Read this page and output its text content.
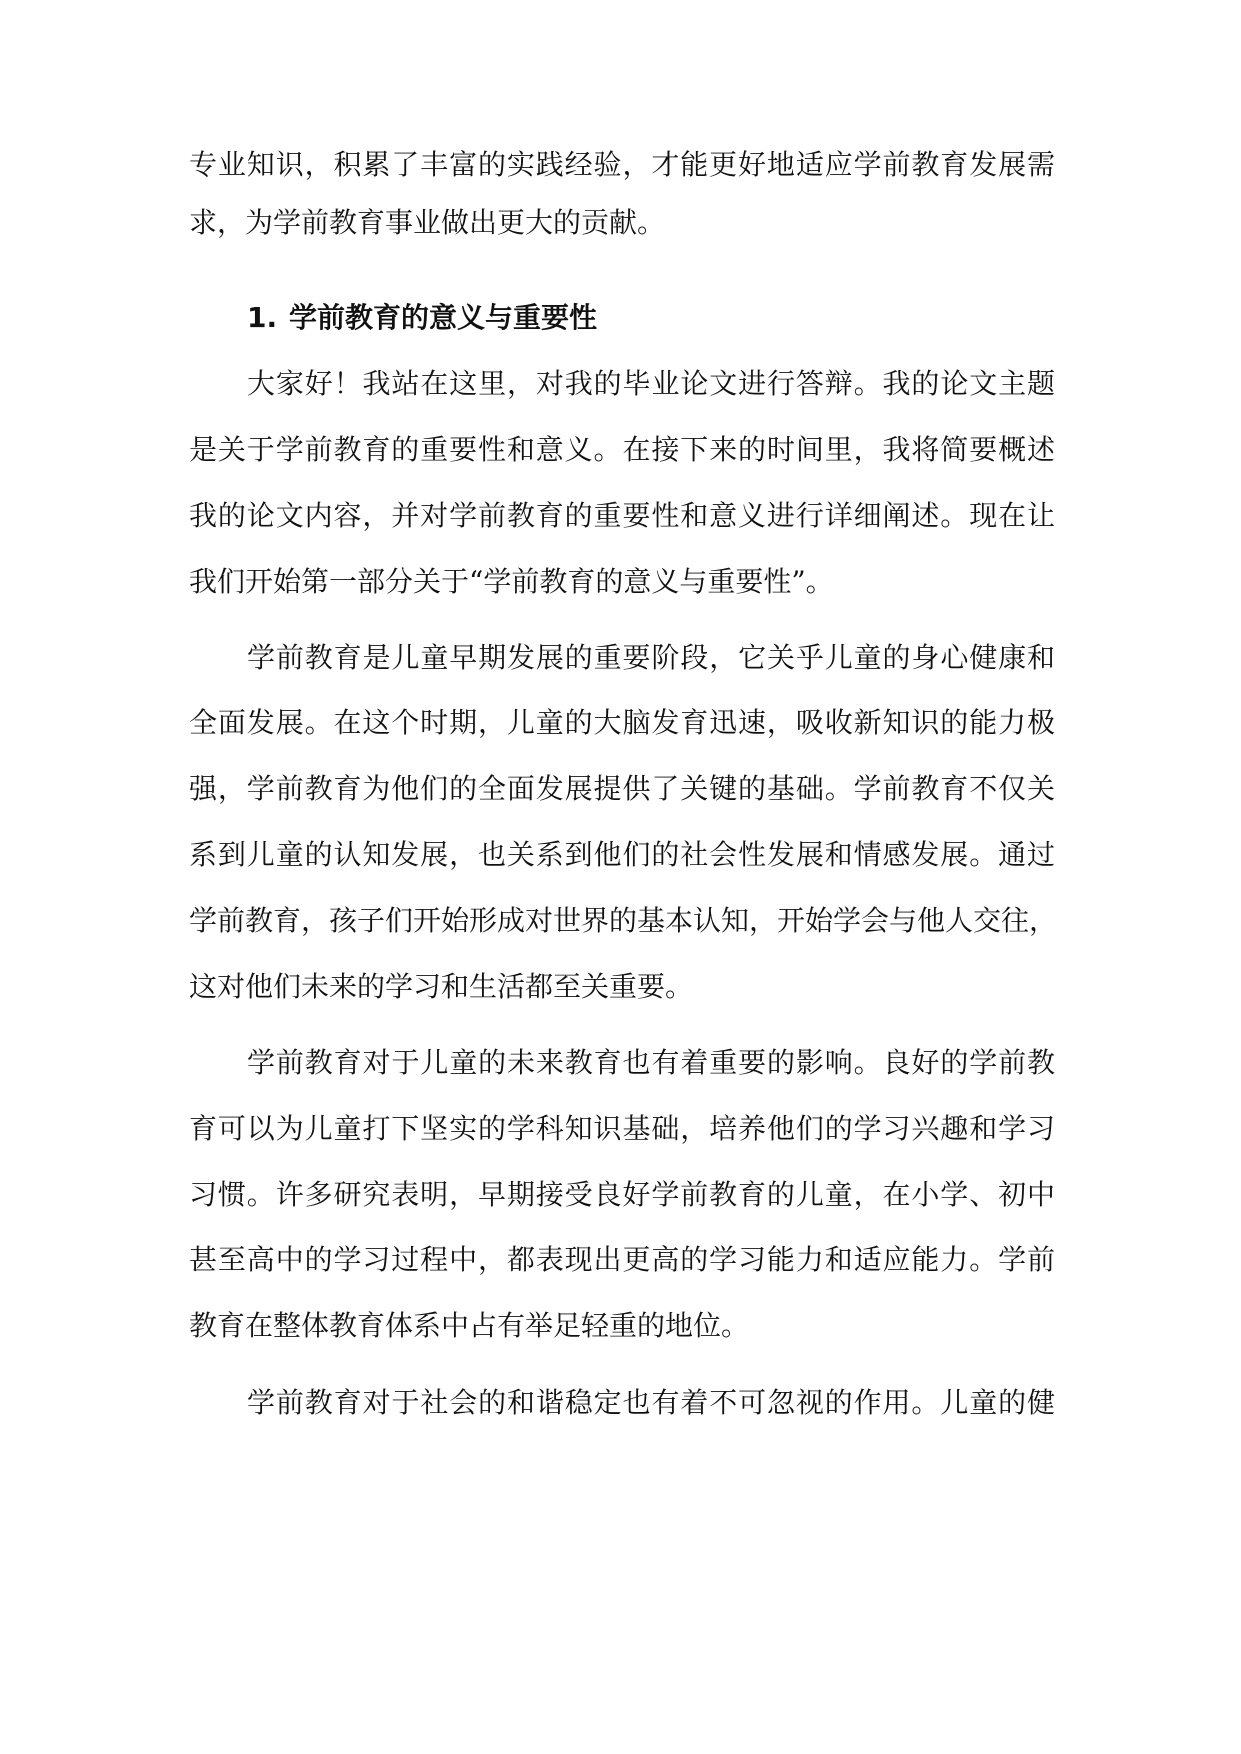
专业知识，积累了丰富的实践经验，才能更好地适应学前教育发展需
求，为学前教育事业做出更大的贡献。
1. 学前教育的意义与重要性
大家好！我站在这里，对我的毕业论文进行答辩。我的论文主题
是关于学前教育的重要性和意义。在接下来的时间里，我将简要概述
我的论文内容，并对学前教育的重要性和意义进行详细阐述。现在让
我们开始第一部分关于“学前教育的意义与重要性”。
学前教育是儿童早期发展的重要阶段，它关乎儿童的身心健康和
全面发展。在这个时期，儿童的大脑发育迅速，吸收新知识的能力极
强，学前教育为他们的全面发展提供了关键的基础。学前教育不仅关
系到儿童的认知发展，也关系到他们的社会性发展和情感发展。通过
学前教育，孩子们开始形成对世界的基本认知，开始学会与他人交往，
这对他们未来的学习和生活都至关重要。
学前教育对于儿童的未来教育也有着重要的影响。良好的学前教
育可以为儿童打下坚实的学科知识基础，培养他们的学习兴趣和学习
习惯。许多研究表明，早期接受良好学前教育的儿童，在小学、初中
甚至高中的学习过程中，都表现出更高的学习能力和适应能力。学前
教育在整体教育体系中占有举足轻重的地位。
学前教育对于社会的和谐稳定也有着不可忽视的作用。儿童的健
